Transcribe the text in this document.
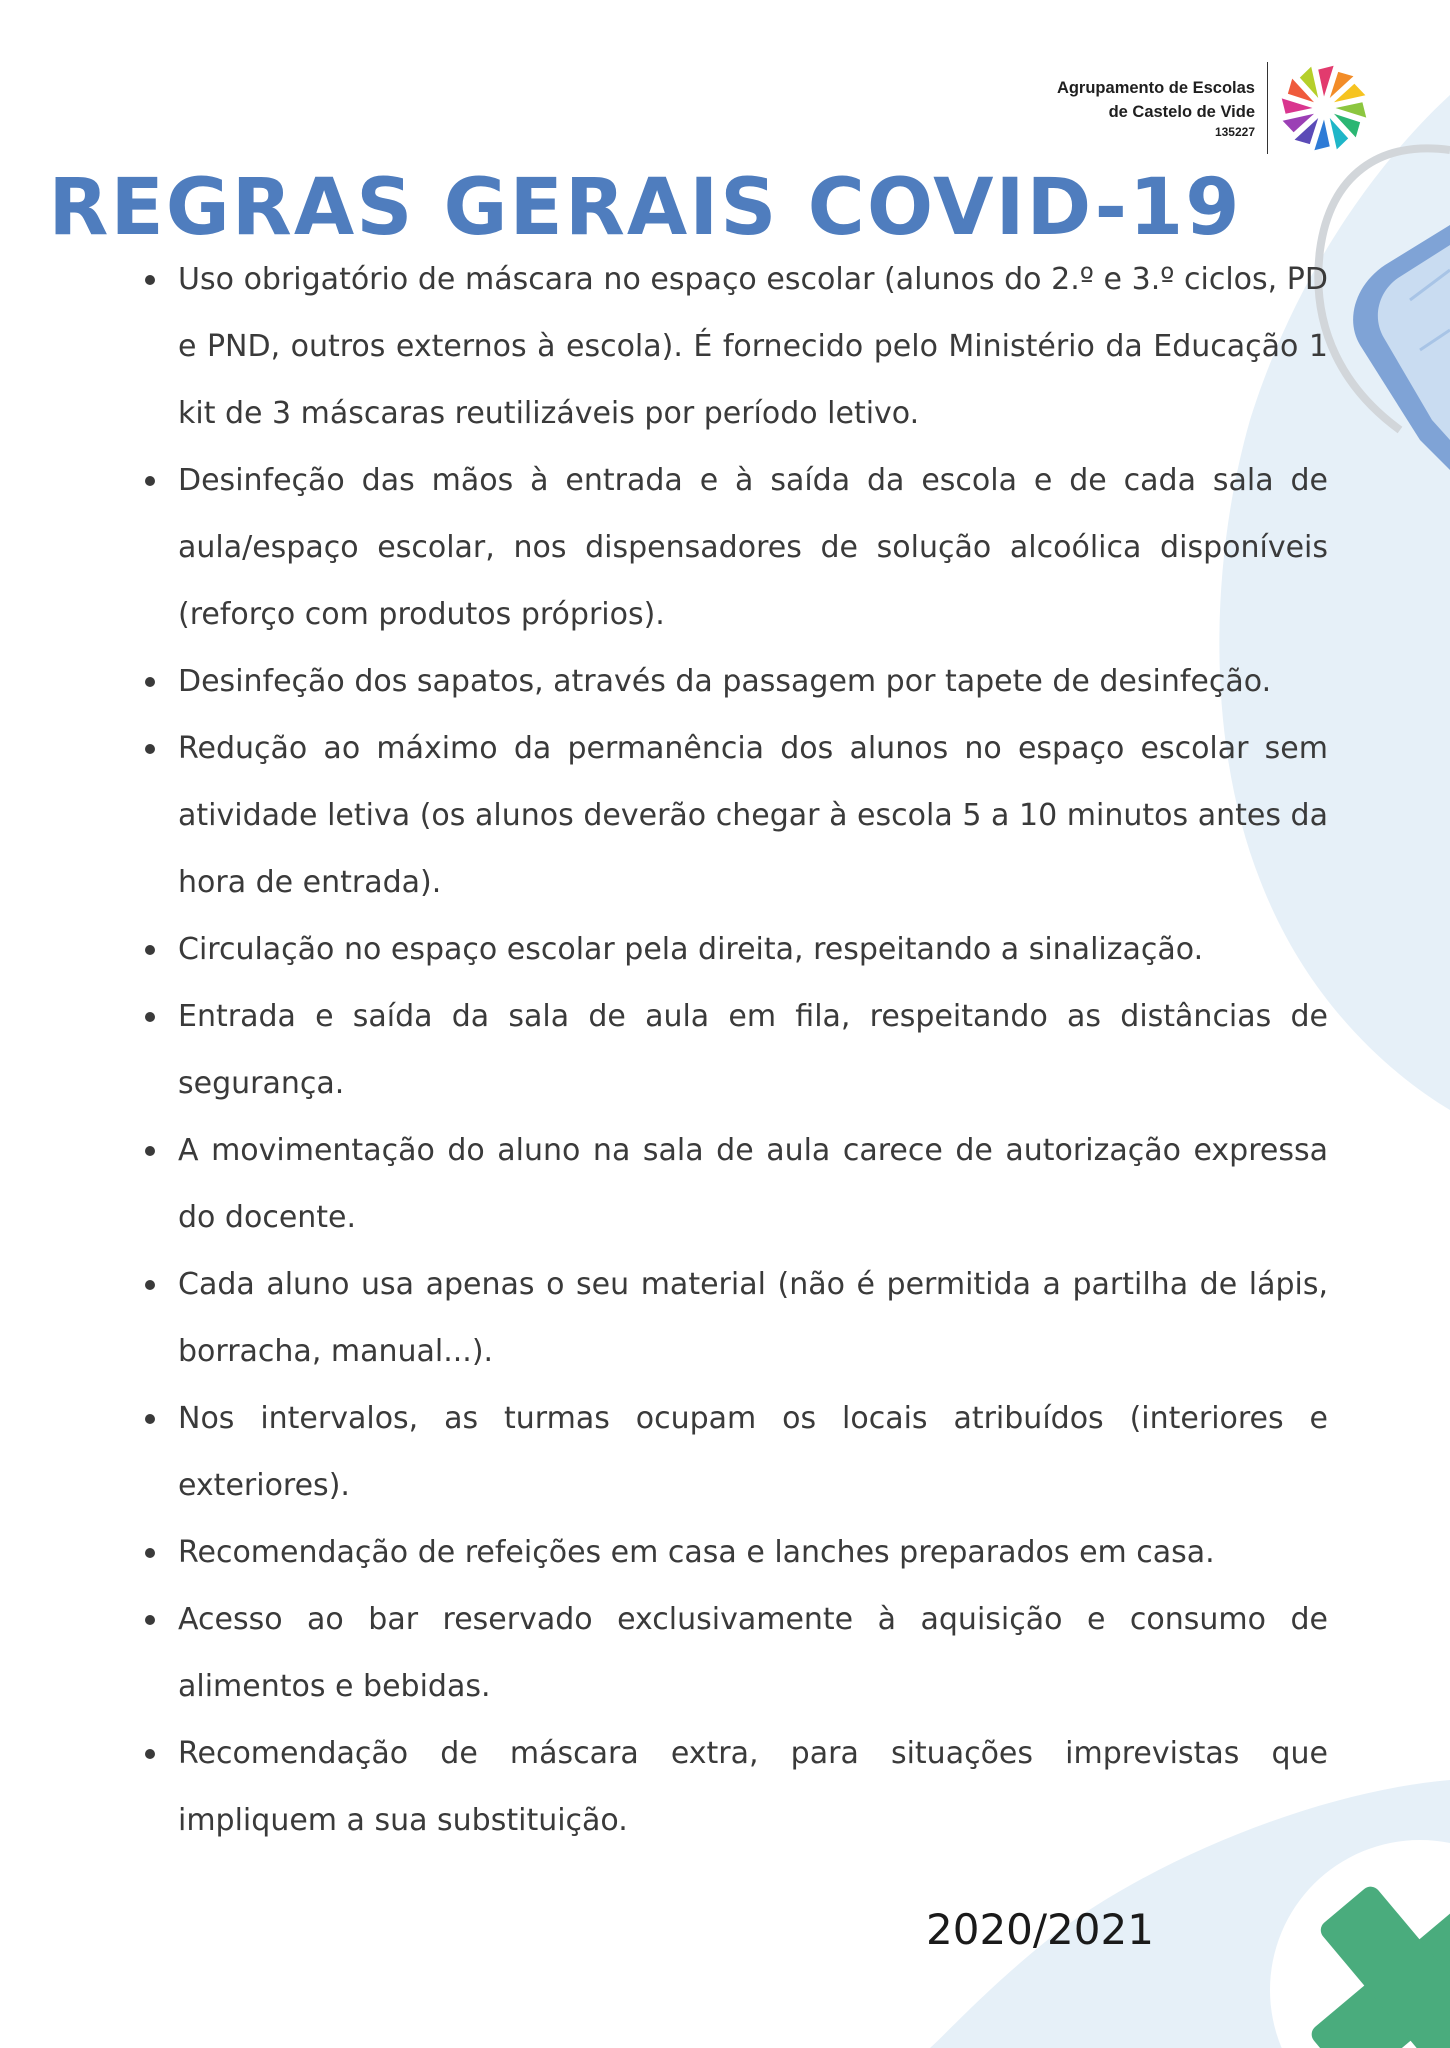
Agrupamento de Escolas
de Castelo de Vide
135227
REGRAS GERAIS COVID-19
Uso obrigatório de máscara no espaço escolar (alunos do 2.º e 3.º ciclos, PD e PND, outros externos à escola). É fornecido pelo Ministério da Educação 1 kit de 3 máscaras reutilizáveis por período letivo.
Desinfeção das mãos à entrada e à saída da escola e de cada sala de aula/espaço escolar, nos dispensadores de solução alcoólica disponíveis (reforço com produtos próprios).
Desinfeção dos sapatos, através da passagem por tapete de desinfeção.
Redução ao máximo da permanência dos alunos no espaço escolar sem atividade letiva (os alunos deverão chegar à escola 5 a 10 minutos antes da hora de entrada).
Circulação no espaço escolar pela direita, respeitando a sinalização.
Entrada e saída da sala de aula em fila, respeitando as distâncias de segurança.
A movimentação do aluno na sala de aula carece de autorização expressa do docente.
Cada aluno usa apenas o seu material (não é permitida a partilha de lápis, borracha, manual...).
Nos intervalos, as turmas ocupam os locais atribuídos (interiores e exteriores).
Recomendação de refeições em casa e lanches preparados em casa.
Acesso ao bar reservado exclusivamente à aquisição e consumo de alimentos e bebidas.
Recomendação de máscara extra, para situações imprevistas que impliquem a sua substituição.
2020/2021
